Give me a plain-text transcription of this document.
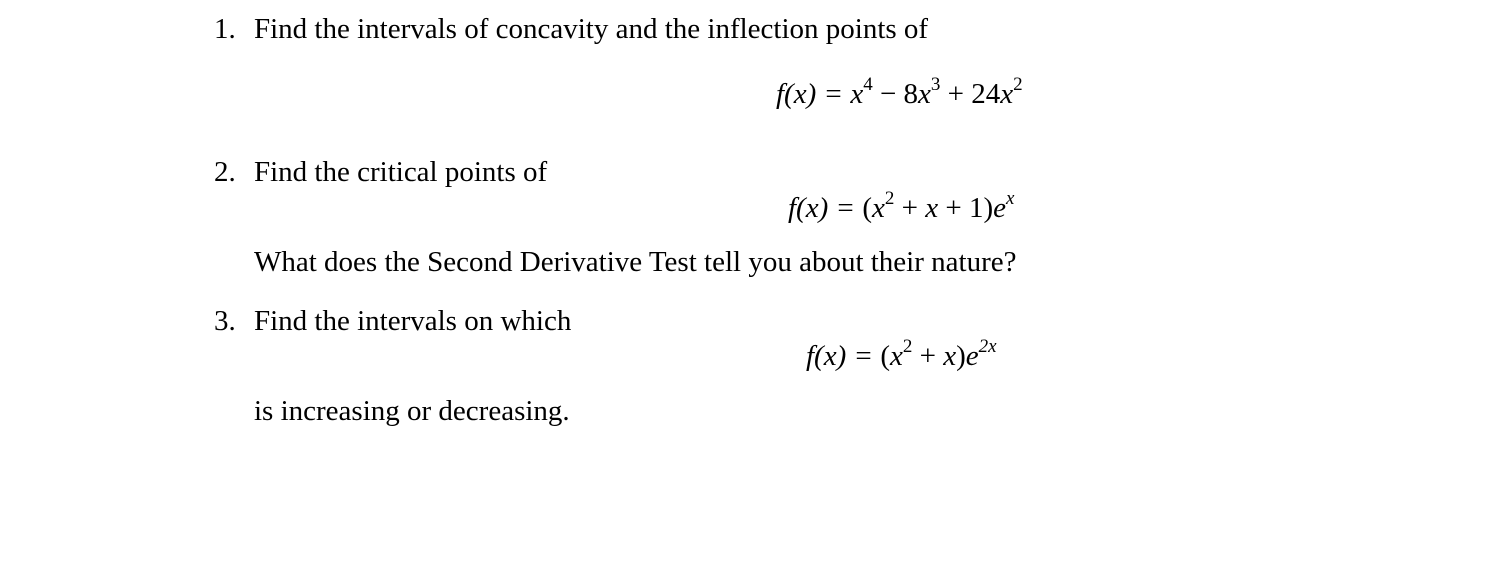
1. Find the intervals of concavity and the inflection points of
$f(x) = x^4 - 8x^3 + 24x^2$
2. Find the critical points of
$f(x) = (x^2 + x + 1)e^x$
What does the Second Derivative Test tell you about their nature?
3. Find the intervals on which
$f(x) = (x^2 + x)e^{2x}$
is increasing or decreasing.
